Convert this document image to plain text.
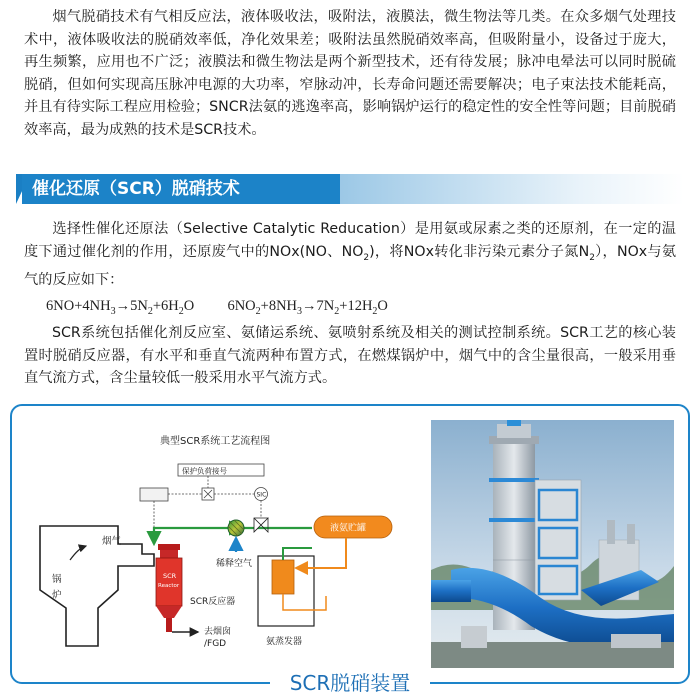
烟气脱硝技术有气相反应法，液体吸收法，吸附法，液膜法，微生物法等几类。在众多烟气处理技术中，液体吸收法的脱硝效率低，净化效果差；吸附法虽然脱硝效率高，但吸附量小，设备过于庞大，再生频繁，应用也不广泛；液膜法和微生物法是两个新型技术，还有待发展；脉冲电晕法可以同时脱硫脱硝，但如何实现高压脉冲电源的大功率，窄脉动冲，长寿命问题还需要解决；电子束法技术能耗高，并且有待实际工程应用检验；SNCR法氨的逃逸率高，影响锅炉运行的稳定性的安全性等问题；目前脱硝效率高，最为成熟的技术是SCR技术。
催化还原（SCR）脱硝技术
选择性催化还原法（Selective Catalytic Reducation）是用氨或尿素之类的还原剂，在一定的温度下通过催化剂的作用，还原废气中的NOx(NO、$NO_2$)，将NOx转化非污染元素分子氮$N_2$），NOx与氨气的反应如下：
$6NO+4NH_3\to 5N_2+6H_2O$ $6NO_2+8NH_3\to 7N_2+12H_2O$
SCR系统包括催化剂反应室、氨储运系统、氨喷射系统及相关的测试控制系统。SCR工艺的核心装置时脱硝反应器，有水平和垂直气流两种布置方式，在燃煤锅炉中，烟气中的含尘量很高，一般采用垂直气流方式，含尘量较低一般采用水平气流方式。
典型SCR系统工艺流程图
保护负荷接号
SIC
烟气
锅
炉
稀释空气
SCR
Reactor
SCR反应器
去烟囱
/FGD
液氨贮罐
氨蒸发器
SCR脱硝装置
